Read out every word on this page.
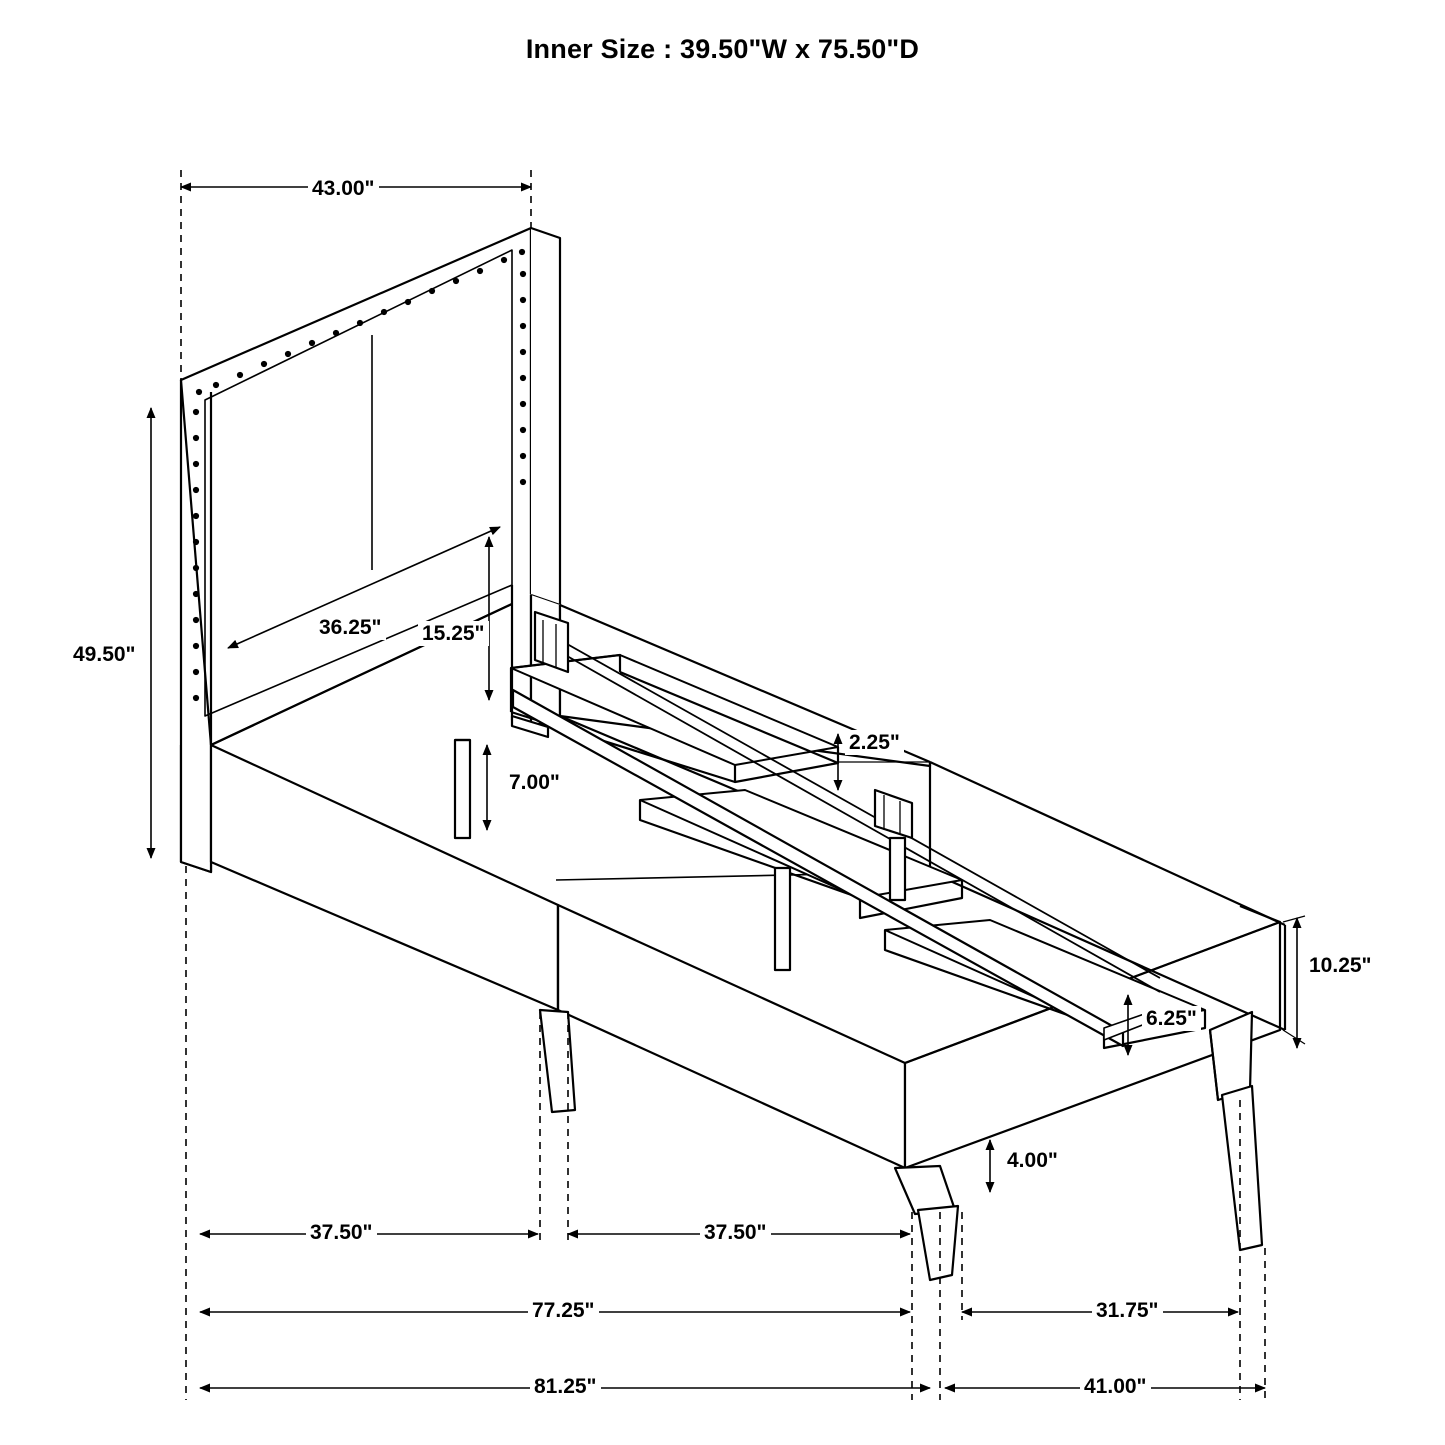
Inner Size : 39.50"W x 75.50"D
43.00"
49.50"
36.25" 15.25"
7.00"
2.25"
10.25"
6.25"
4.00"
37.50"	37.50"
77.25"	31.75"
81.25"	41.00"
